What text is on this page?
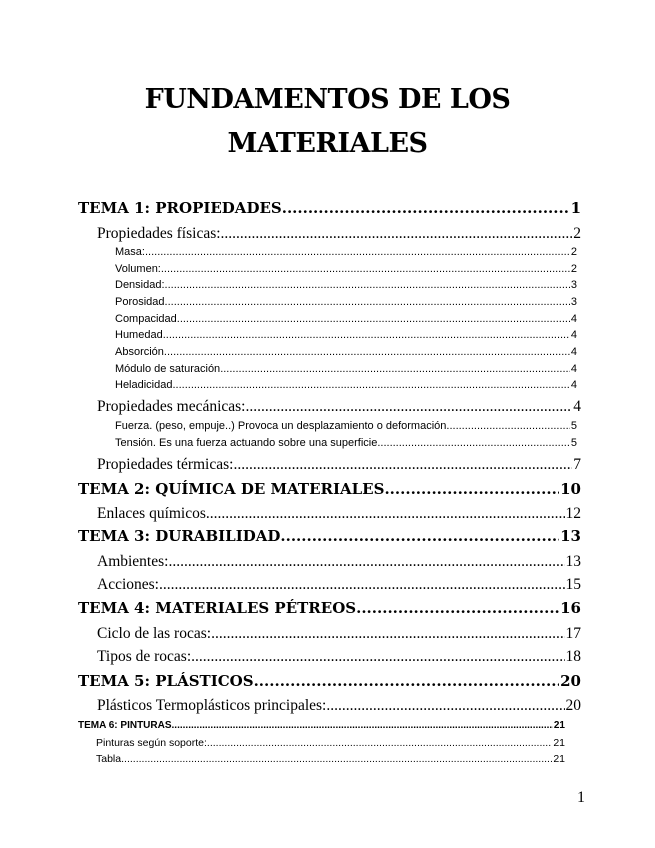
FUNDAMENTOS DE LOS
MATERIALES
TEMA 1: PROPIEDADES .....	1
Propiedades físicas: .....	2
Masa: .....	2
Volumen: .....	2
Densidad: .....	3
Porosidad. .....	3
Compacidad .....	4
Humedad .....	4
Absorción .....	4
Módulo de saturación .....	4
Heladicidad .....	4
Propiedades mecánicas: .....	4
Fuerza. (peso, empuje..) Provoca un desplazamiento o deformación .....	5
Tensión. Es una fuerza actuando sobre una superficie .....	5
Propiedades térmicas: .....	7
TEMA 2: QUÍMICA DE MATERIALES .....	10
Enlaces químicos. .....	12
TEMA 3: DURABILIDAD .....	13
Ambientes: .....	13
Acciones: .....	15
TEMA 4: MATERIALES PÉTREOS .....	16
Ciclo de las rocas: .....	17
Tipos de rocas: .....	18
TEMA 5: PLÁSTICOS .....	20
Plásticos Termoplásticos principales: .....	20
TEMA 6: PINTURAS .....	21
Pinturas según soporte: .....	21
Tabla .....	21
1
